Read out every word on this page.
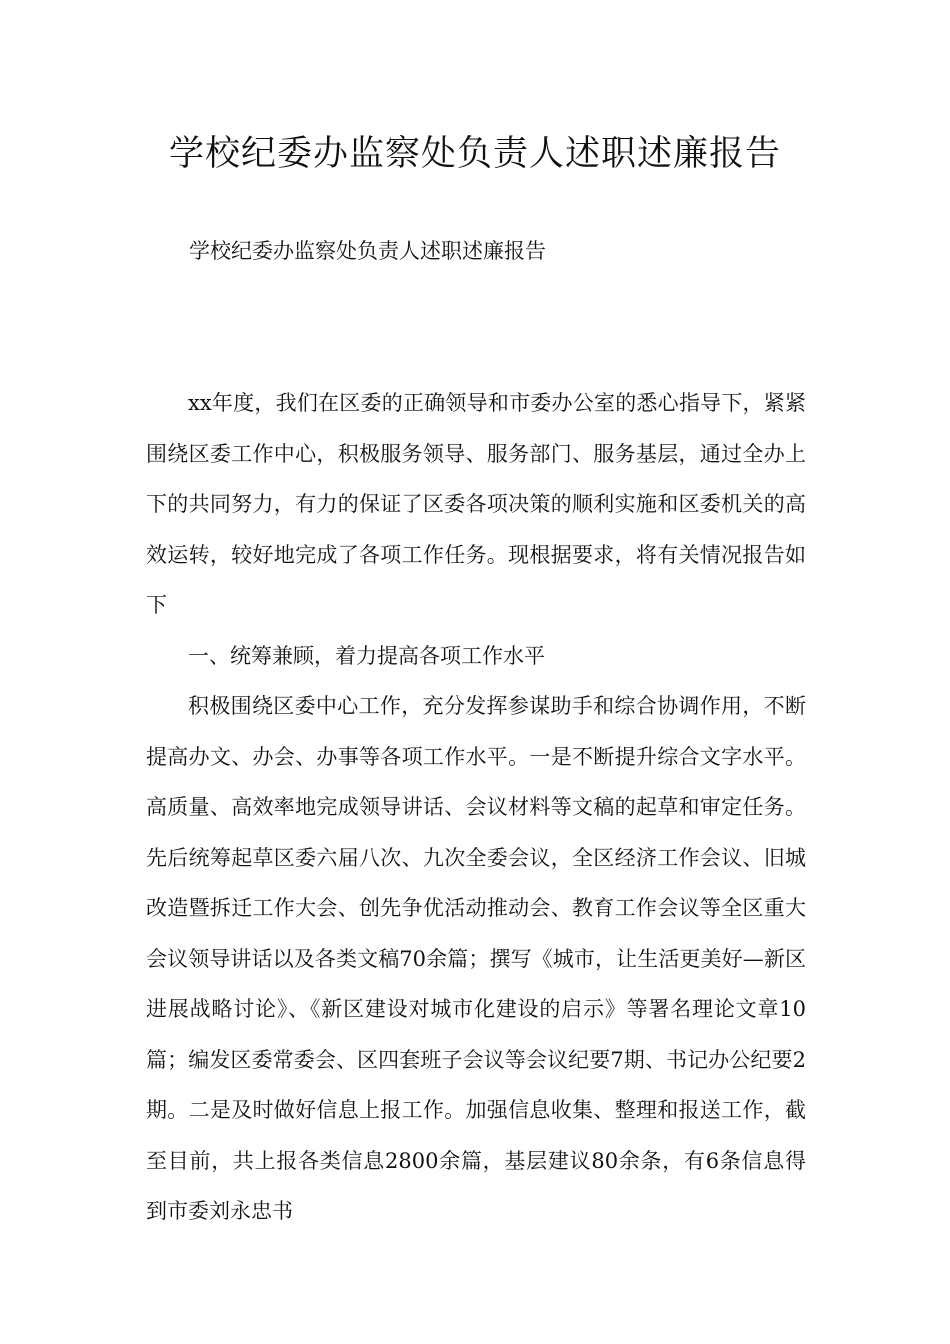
学校纪委办监察处负责人述职述廉报告
学校纪委办监察处负责人述职述廉报告

xx年度，我们在区委的正确领导和市委办公室的悉心指导下，紧紧围绕区委工作中心，积极服务领导、服务部门、服务基层，通过全办上下的共同努力，有力的保证了区委各项决策的顺利实施和区委机关的高效运转，较好地完成了各项工作任务。现根据要求，将有关情况报告如下

一、统筹兼顾，着力提高各项工作水平

积极围绕区委中心工作，充分发挥参谋助手和综合协调作用，不断提高办文、办会、办事等各项工作水平。一是不断提升综合文字水平。高质量、高效率地完成领导讲话、会议材料等文稿的起草和审定任务。先后统筹起草区委六届八次、九次全委会议，全区经济工作会议、旧城改造暨拆迁工作大会、创先争优活动推动会、教育工作会议等全区重大会议领导讲话以及各类文稿70余篇；撰写《城市，让生活更美好—新区进展战略讨论》、《新区建设对城市化建设的启示》等署名理论文章10篇；编发区委常委会、区四套班子会议等会议纪要7期、书记办公纪要2期。二是及时做好信息上报工作。加强信息收集、整理和报送工作，截至目前，共上报各类信息2800余篇，基层建议80余条，有6条信息得到市委刘永忠书
